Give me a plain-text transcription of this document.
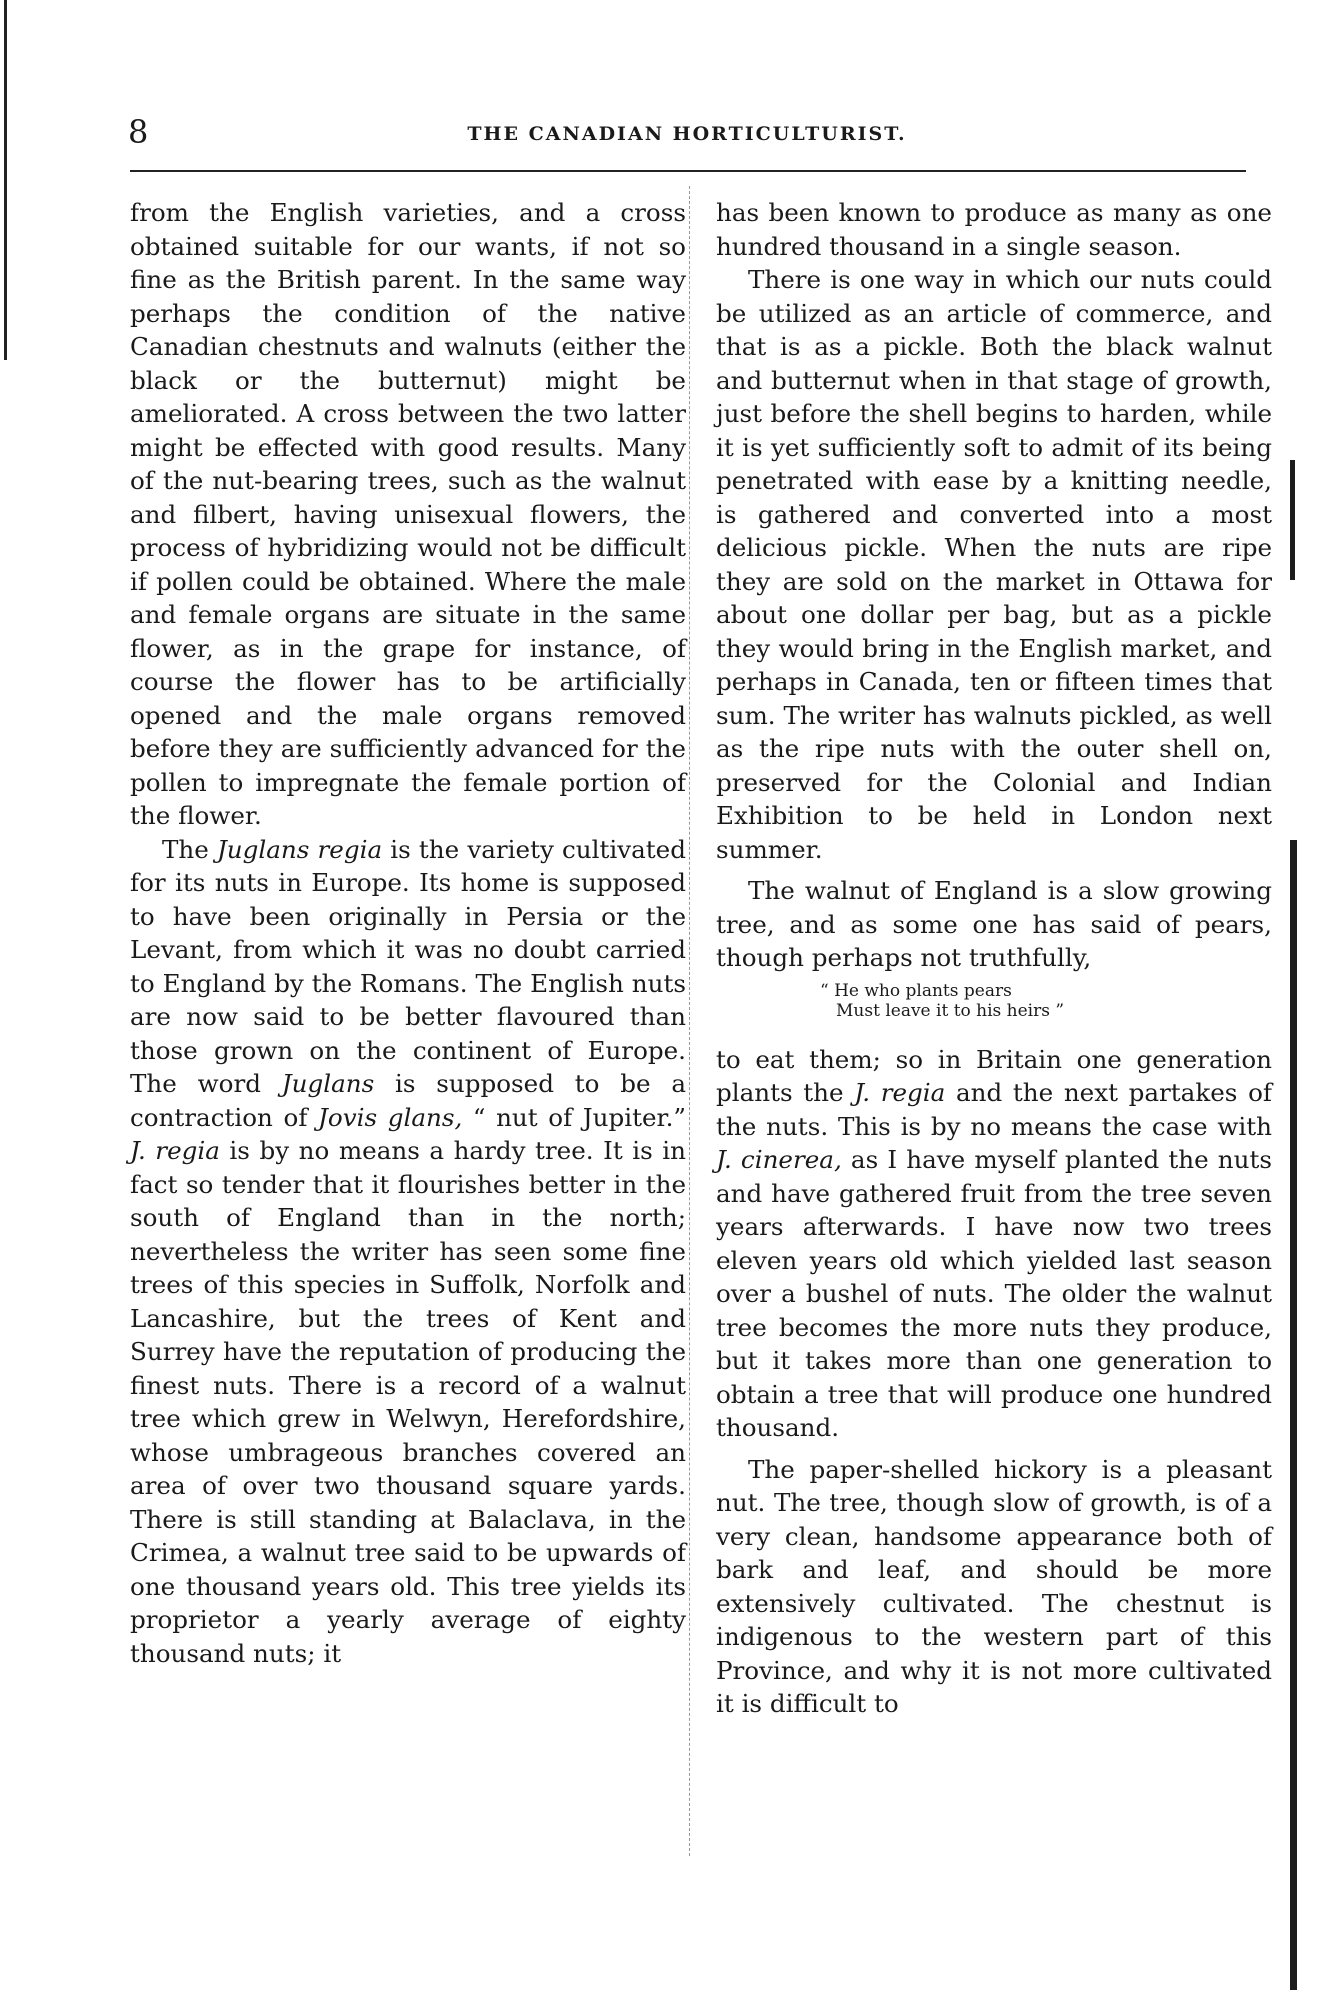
8	THE CANADIAN HORTICULTURIST.

from the English varieties, and a cross obtained suitable for our wants, if not so fine as the British parent. In the same way perhaps the condition of the native Canadian chestnuts and walnuts (either the black or the butternut) might be ameliorated. A cross between the two latter might be effected with good results. Many of the nut-bearing trees, such as the walnut and filbert, having unisexual flowers, the process of hybridizing would not be difficult if pollen could be obtained. Where the male and female organs are situate in the same flower, as in the grape for instance, of course the flower has to be artificially opened and the male organs removed before they are sufficiently advanced for the pollen to impregnate the female portion of the flower.

The Juglans regia is the variety cultivated for its nuts in Europe. Its home is supposed to have been originally in Persia or the Levant, from which it was no doubt carried to England by the Romans. The English nuts are now said to be better flavoured than those grown on the continent of Europe. The word Juglans is supposed to be a contraction of Jovis glans, “ nut of Jupiter.” J. regia is by no means a hardy tree. It is in fact so tender that it flourishes better in the south of England than in the north; nevertheless the writer has seen some fine trees of this species in Suffolk, Norfolk and Lancashire, but the trees of Kent and Surrey have the reputation of producing the finest nuts. There is a record of a walnut tree which grew in Welwyn, Herefordshire, whose umbrageous branches covered an area of over two thousand square yards. There is still standing at Balaclava, in the Crimea, a walnut tree said to be upwards of one thousand years old. This tree yields its proprietor a yearly average of eighty thousand nuts; it

has been known to produce as many as one hundred thousand in a single season.

There is one way in which our nuts could be utilized as an article of commerce, and that is as a pickle. Both the black walnut and butternut when in that stage of growth, just before the shell begins to harden, while it is yet sufficiently soft to admit of its being penetrated with ease by a knitting needle, is gathered and converted into a most delicious pickle. When the nuts are ripe they are sold on the market in Ottawa for about one dollar per bag, but as a pickle they would bring in the English market, and perhaps in Canada, ten or fifteen times that sum. The writer has walnuts pickled, as well as the ripe nuts with the outer shell on, preserved for the Colonial and Indian Exhibition to be held in London next summer.

The walnut of England is a slow growing tree, and as some one has said of pears, though perhaps not truthfully,

“ He who plants pears
Must leave it to his heirs ”

to eat them; so in Britain one generation plants the J. regia and the next partakes of the nuts. This is by no means the case with J. cinerea, as I have myself planted the nuts and have gathered fruit from the tree seven years afterwards. I have now two trees eleven years old which yielded last season over a bushel of nuts. The older the walnut tree becomes the more nuts they produce, but it takes more than one generation to obtain a tree that will produce one hundred thousand.

The paper-shelled hickory is a pleasant nut. The tree, though slow of growth, is of a very clean, handsome appearance both of bark and leaf, and should be more extensively cultivated. The chestnut is indigenous to the western part of this Province, and why it is not more cultivated it is difficult to
